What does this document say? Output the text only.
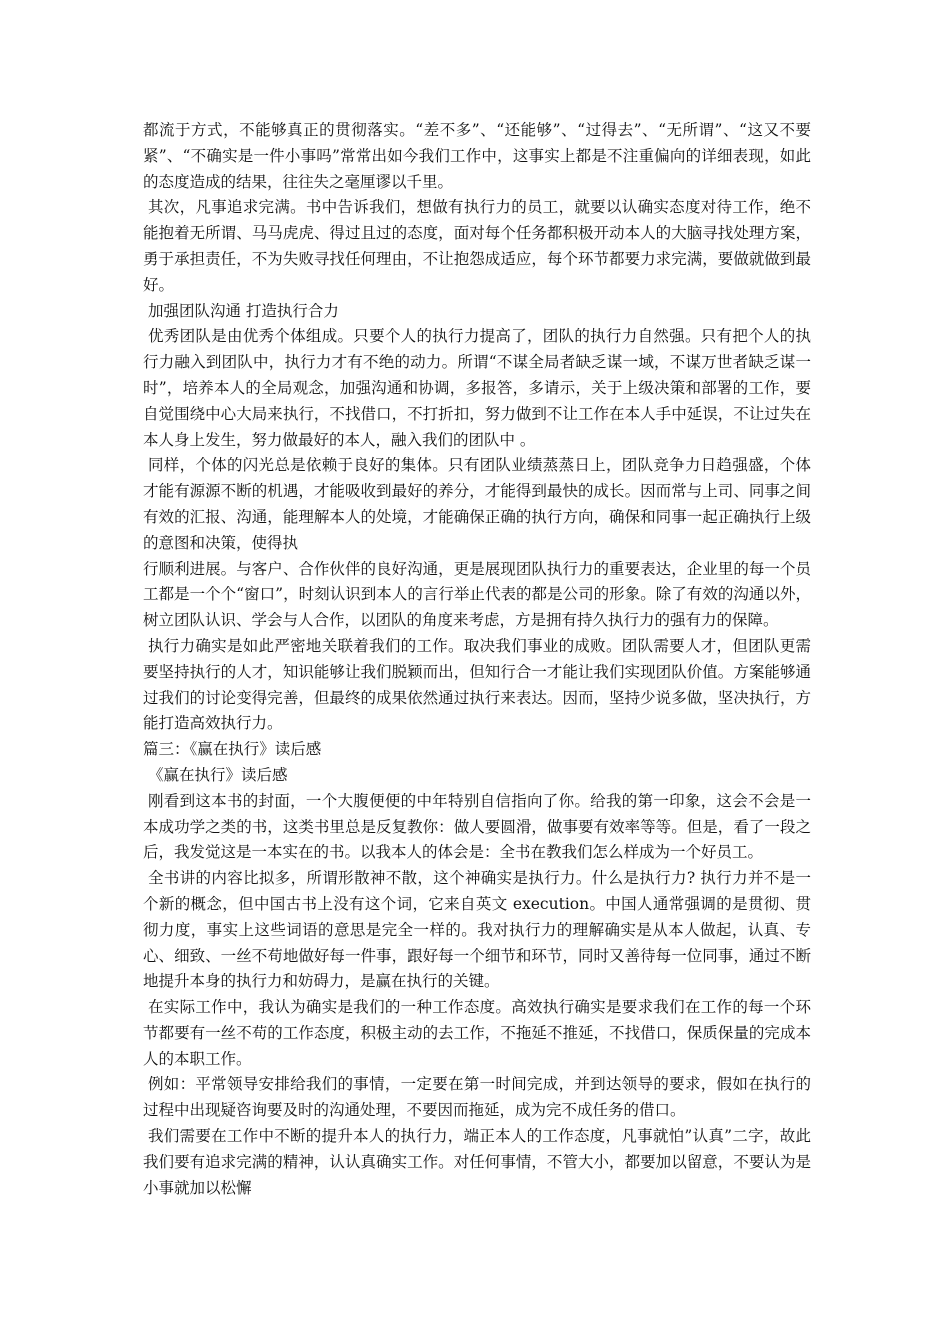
都流于方式，不能够真正的贯彻落实。“差不多”、“还能够”、“过得去”、“无所谓”、“这又不要紧”、“不确实是一件小事吗”常常出如今我们工作中，这事实上都是不注重偏向的详细表现，如此的态度造成的结果，往往失之毫厘谬以千里。

其次，凡事追求完满。书中告诉我们，想做有执行力的员工，就要以认确实态度对待工作，绝不能抱着无所谓、马马虎虎、得过且过的态度，面对每个任务都积极开动本人的大脑寻找处理方案，勇于承担责任，不为失败寻找任何理由，不让抱怨成适应，每个环节都要力求完满，要做就做到最好。

加强团队沟通 打造执行合力

优秀团队是由优秀个体组成。只要个人的执行力提高了，团队的执行力自然强。只有把个人的执行力融入到团队中，执行力才有不绝的动力。所谓“不谋全局者缺乏谋一域，不谋万世者缺乏谋一时”，培养本人的全局观念，加强沟通和协调，多报答，多请示，关于上级决策和部署的工作，要自觉围绕中心大局来执行，不找借口，不打折扣，努力做到不让工作在本人手中延误，不让过失在本人身上发生，努力做最好的本人，融入我们的团队中 。

同样，个体的闪光总是依赖于良好的集体。只有团队业绩蒸蒸日上，团队竞争力日趋强盛，个体才能有源源不断的机遇，才能吸收到最好的养分，才能得到最快的成长。因而常与上司、同事之间有效的汇报、沟通，能理解本人的处境，才能确保正确的执行方向，确保和同事一起正确执行上级的意图和决策，使得执

行顺利进展。与客户、合作伙伴的良好沟通，更是展现团队执行力的重要表达，企业里的每一个员工都是一个个“窗口”，时刻认识到本人的言行举止代表的都是公司的形象。除了有效的沟通以外，树立团队认识、学会与人合作，以团队的角度来考虑，方是拥有持久执行力的强有力的保障。

执行力确实是如此严密地关联着我们的工作。取决我们事业的成败。团队需要人才，但团队更需要坚持执行的人才，知识能够让我们脱颖而出，但知行合一才能让我们实现团队价值。方案能够通过我们的讨论变得完善，但最终的成果依然通过执行来表达。因而，坚持少说多做，坚决执行，方能打造高效执行力。

篇三：《赢在执行》读后感

《赢在执行》读后感

刚看到这本书的封面，一个大腹便便的中年特别自信指向了你。给我的第一印象，这会不会是一本成功学之类的书，这类书里总是反复教你：做人要圆滑，做事要有效率等等。但是，看了一段之后，我发觉这是一本实在的书。以我本人的体会是：全书在教我们怎么样成为一个好员工。

全书讲的内容比拟多，所谓形散神不散，这个神确实是执行力。什么是执行力? 执行力并不是一个新的概念，但中国古书上没有这个词，它来自英文 execution。中国人通常强调的是贯彻、贯彻力度，事实上这些词语的意思是完全一样的。我对执行力的理解确实是从本人做起，认真、专心、细致、一丝不苟地做好每一件事，跟好每一个细节和环节，同时又善待每一位同事，通过不断地提升本身的执行力和妨碍力，是赢在执行的关键。

在实际工作中，我认为确实是我们的一种工作态度。高效执行确实是要求我们在工作的每一个环节都要有一丝不苟的工作态度，积极主动的去工作，不拖延不推延，不找借口，保质保量的完成本人的本职工作。

例如：平常领导安排给我们的事情，一定要在第一时间完成，并到达领导的要求，假如在执行的过程中出现疑咨询要及时的沟通处理，不要因而拖延，成为完不成任务的借口。

我们需要在工作中不断的提升本人的执行力，端正本人的工作态度，凡事就怕”认真”二字，故此我们要有追求完满的精神，认认真确实工作。对任何事情，不管大小，都要加以留意，不要认为是小事就加以松懈
